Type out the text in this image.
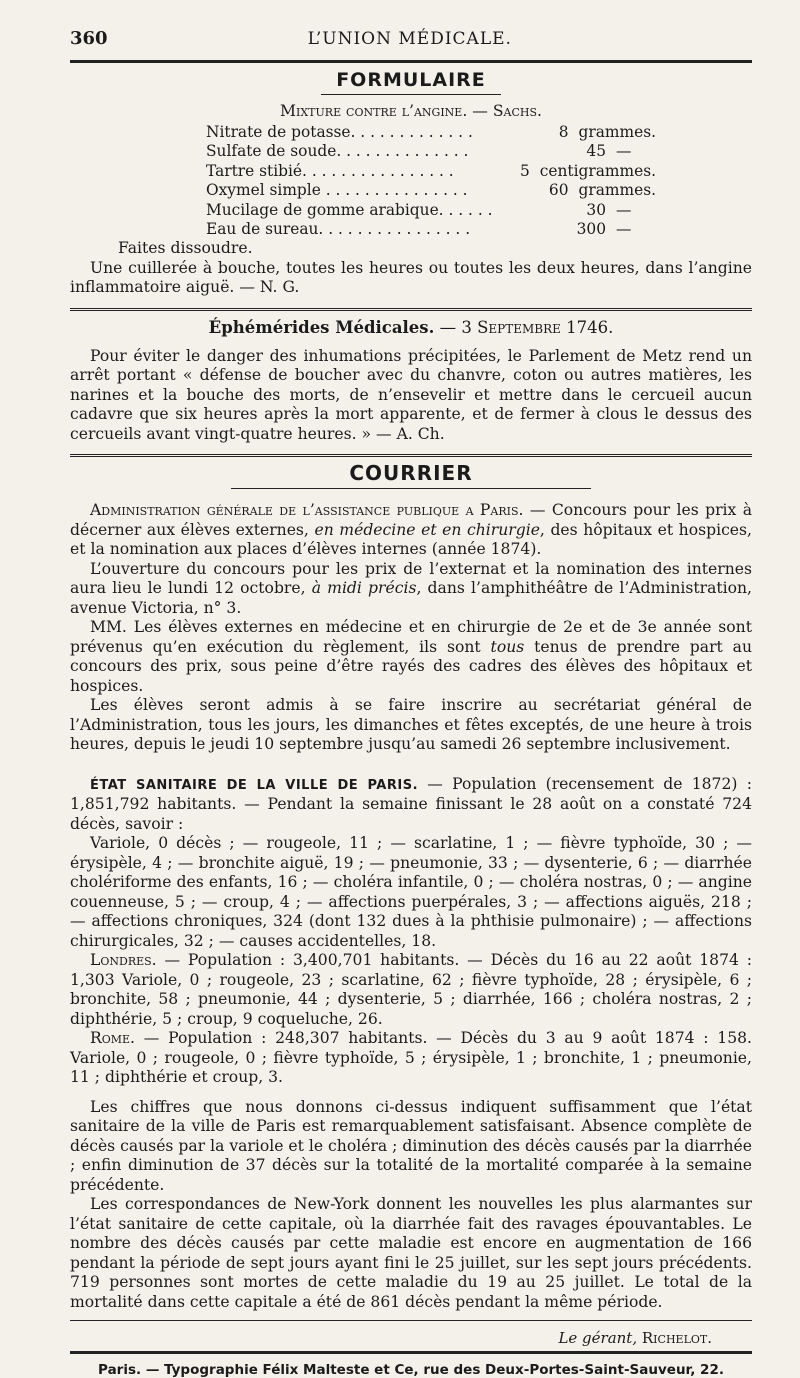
360	L’UNION MÉDICALE.
FORMULAIRE
Mixture contre l’angine. — Sachs.
Nitrate de potasse. . . . . . . . . . . . .	8 grammes.
Sulfate de soude. . . . . . . . . . . . . .	45 —
Tartre stibié. . . . . . . . . . . . . . . .	5 centigrammes.
Oxymel simple . . . . . . . . . . . . . . .	60 grammes.
Mucilage de gomme arabique. . . . . .	30 —
Eau de sureau. . . . . . . . . . . . . . . .	300 —

Faites dissoudre.

Une cuillerée à bouche, toutes les heures ou toutes les deux heures, dans l’angine inflammatoire aiguë. — N. G.

Éphémérides Médicales. — 3 Septembre 1746.

Pour éviter le danger des inhumations précipitées, le Parlement de Metz rend un arrêt portant « défense de boucher avec du chanvre, coton ou autres matières, les narines et la bouche des morts, de n’ensevelir et mettre dans le cercueil aucun cadavre que six heures après la mort apparente, et de fermer à clous le dessus des cercueils avant vingt-quatre heures. » — A. Ch.

COURRIER

Administration générale de l’assistance publique a Paris. — Concours pour les prix à décerner aux élèves externes, en médecine et en chirurgie, des hôpitaux et hospices, et la nomination aux places d’élèves internes (année 1874).

L’ouverture du concours pour les prix de l’externat et la nomination des internes aura lieu le lundi 12 octobre, à midi précis, dans l’amphithéâtre de l’Administration, avenue Victoria, n° 3.

MM. Les élèves externes en médecine et en chirurgie de 2e et de 3e année sont prévenus qu’en exécution du règlement, ils sont tous tenus de prendre part au concours des prix, sous peine d’être rayés des cadres des élèves des hôpitaux et hospices.

Les élèves seront admis à se faire inscrire au secrétariat général de l’Administration, tous les jours, les dimanches et fêtes exceptés, de une heure à trois heures, depuis le jeudi 10 septembre jusqu’au samedi 26 septembre inclusivement.

ÉTAT SANITAIRE DE LA VILLE DE PARIS. — Population (recensement de 1872) : 1,851,792 habitants. — Pendant la semaine finissant le 28 août on a constaté 724 décès, savoir :

Variole, 0 décès ; — rougeole, 11 ; — scarlatine, 1 ; — fièvre typhoïde, 30 ; — érysipèle, 4 ; — bronchite aiguë, 19 ; — pneumonie, 33 ; — dysenterie, 6 ; — diarrhée cholériforme des enfants, 16 ; — choléra infantile, 0 ; — choléra nostras, 0 ; — angine couenneuse, 5 ; — croup, 4 ; — affections puerpérales, 3 ; — affections aiguës, 218 ; — affections chroniques, 324 (dont 132 dues à la phthisie pulmonaire) ; — affections chirurgicales, 32 ; — causes accidentelles, 18.

Londres. — Population : 3,400,701 habitants. — Décès du 16 au 22 août 1874 : 1,303 Variole, 0 ; rougeole, 23 ; scarlatine, 62 ; fièvre typhoïde, 28 ; érysipèle, 6 ; bronchite, 58 ; pneumonie, 44 ; dysenterie, 5 ; diarrhée, 166 ; choléra nostras, 2 ; diphthérie, 5 ; croup, 9 coqueluche, 26.

Rome. — Population : 248,307 habitants. — Décès du 3 au 9 août 1874 : 158. Variole, 0 ; rougeole, 0 ; fièvre typhoïde, 5 ; érysipèle, 1 ; bronchite, 1 ; pneumonie, 11 ; diphthérie et croup, 3.

Les chiffres que nous donnons ci-dessus indiquent suffisamment que l’état sanitaire de la ville de Paris est remarquablement satisfaisant. Absence complète de décès causés par la variole et le choléra ; diminution des décès causés par la diarrhée ; enfin diminution de 37 décès sur la totalité de la mortalité comparée à la semaine précédente.

Les correspondances de New-York donnent les nouvelles les plus alarmantes sur l’état sanitaire de cette capitale, où la diarrhée fait des ravages épouvantables. Le nombre des décès causés par cette maladie est encore en augmentation de 166 pendant la période de sept jours ayant fini le 25 juillet, sur les sept jours précédents. 719 personnes sont mortes de cette maladie du 19 au 25 juillet. Le total de la mortalité dans cette capitale a été de 861 décès pendant la même période.

Le gérant, Richelot.
Paris. — Typographie Félix Malteste et Ce, rue des Deux-Portes-Saint-Sauveur, 22.
